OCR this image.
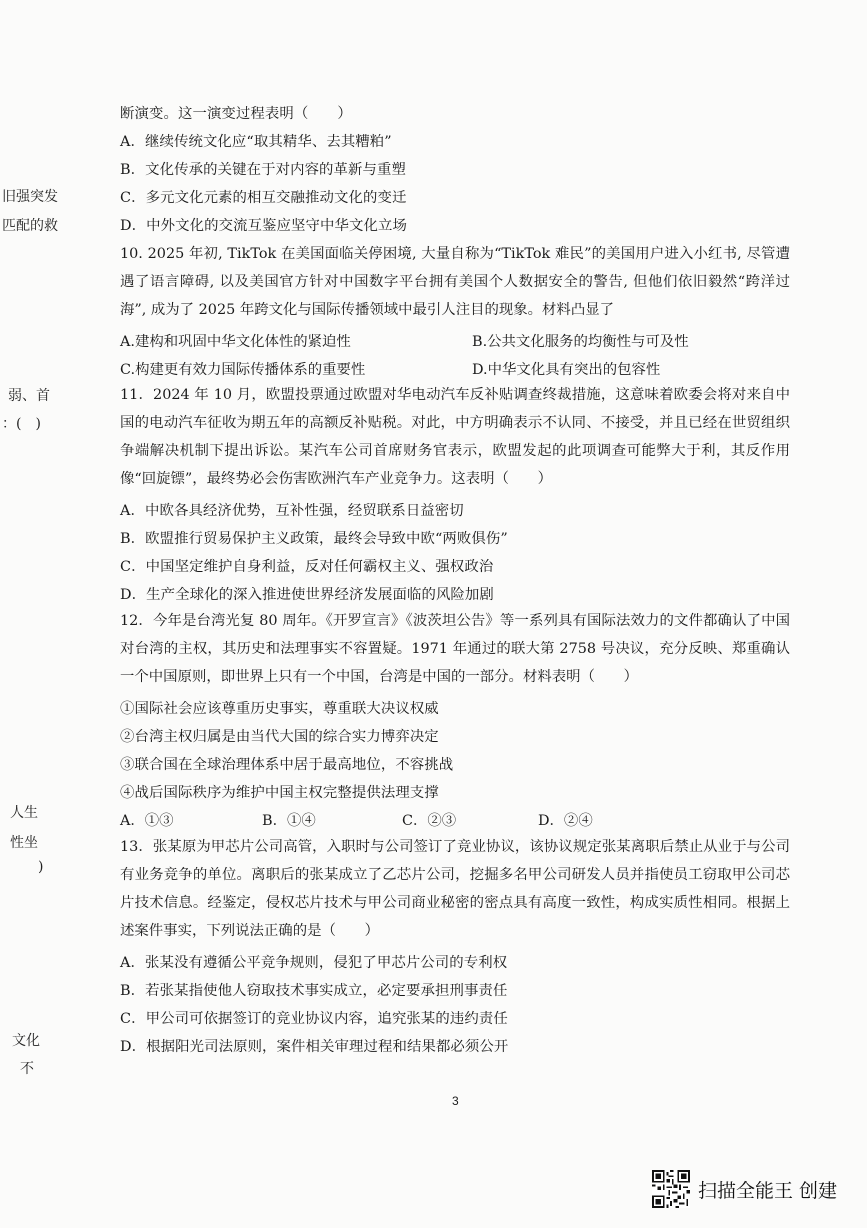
旧强突发
匹配的救
弱、首
：(　)
人生
性坐
)
文化
不
断演变。这一演变过程表明（　　）
A．继续传统文化应“取其精华、去其糟粕”
B．文化传承的关键在于对内容的革新与重塑
C．多元文化元素的相互交融推动文化的变迁
D．中外文化的交流互鉴应坚守中华文化立场
10. 2025 年初, TikTok 在美国面临关停困境, 大量自称为“TikTok 难民”的美国用户进入小红书, 尽管遭遇了语言障碍, 以及美国官方针对中国数字平台拥有美国个人数据安全的警告, 但他们依旧毅然“跨洋过海”, 成为了 2025 年跨文化与国际传播领域中最引人注目的现象。材料凸显了
A.建构和巩固中华文化体性的紧迫性	B.公共文化服务的均衡性与可及性
C.构建更有效力国际传播体系的重要性	D.中华文化具有突出的包容性
11．2024 年 10 月，欧盟投票通过欧盟对华电动汽车反补贴调查终裁措施，这意味着欧委会将对来自中国的电动汽车征收为期五年的高额反补贴税。对此，中方明确表示不认同、不接受，并且已经在世贸组织争端解决机制下提出诉讼。某汽车公司首席财务官表示，欧盟发起的此项调查可能弊大于利，其反作用像“回旋镖”，最终势必会伤害欧洲汽车产业竞争力。这表明（　　）
A．中欧各具经济优势，互补性强，经贸联系日益密切
B．欧盟推行贸易保护主义政策，最终会导致中欧“两败俱伤”
C．中国坚定维护自身利益，反对任何霸权主义、强权政治
D．生产全球化的深入推进使世界经济发展面临的风险加剧
12．今年是台湾光复 80 周年。《开罗宣言》《波茨坦公告》等一系列具有国际法效力的文件都确认了中国对台湾的主权，其历史和法理事实不容置疑。1971 年通过的联大第 2758 号决议，充分反映、郑重确认一个中国原则，即世界上只有一个中国，台湾是中国的一部分。材料表明（　　）
①国际社会应该尊重历史事实，尊重联大决议权威
②台湾主权归属是由当代大国的综合实力博弈决定
③联合国在全球治理体系中居于最高地位，不容挑战
④战后国际秩序为维护中国主权完整提供法理支撑
A．①③	B．①④	C．②③	D．②④
13．张某原为甲芯片公司高管，入职时与公司签订了竞业协议，该协议规定张某离职后禁止从业于与公司有业务竞争的单位。离职后的张某成立了乙芯片公司，挖掘多名甲公司研发人员并指使员工窃取甲公司芯片技术信息。经鉴定，侵权芯片技术与甲公司商业秘密的密点具有高度一致性，构成实质性相同。根据上述案件事实，下列说法正确的是（　　）
A．张某没有遵循公平竞争规则，侵犯了甲芯片公司的专利权
B．若张某指使他人窃取技术事实成立，必定要承担刑事责任
C．甲公司可依据签订的竞业协议内容，追究张某的违约责任
D．根据阳光司法原则，案件相关审理过程和结果都必须公开
3
扫描全能王 创建
